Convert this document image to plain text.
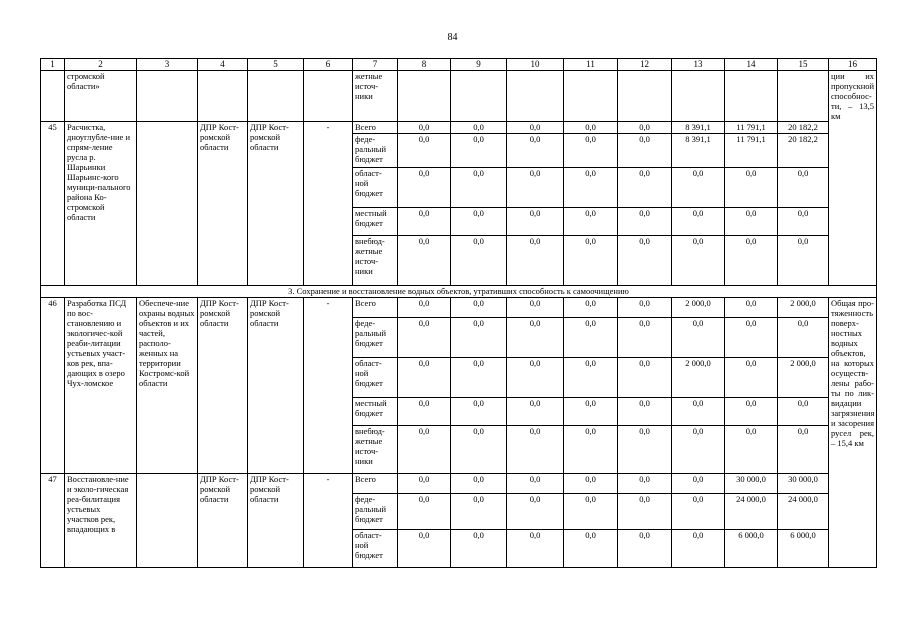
84
1	2	3	4	5	6	7	8	9	10	11	12	13	14	15	16
	стромской области»					жетные источ-ники									ции их пропускной способнос-ти, – 13,5 км
45	Расчистка, дноуглубле-ние и спрям-ление русла р. Шарьинки Шарьинс-кого муници-пального района Ко-стромской области		ДПР Кост-ромской области	ДПР Кост-ромской области	-	Всего	0,0	0,0	0,0	0,0	0,0	8 391,1	11 791,1	20 182,2	
						феде-ральный бюджет	0,0	0,0	0,0	0,0	0,0	8 391,1	11 791,1	20 182,2	
						област-ной бюджет	0,0	0,0	0,0	0,0	0,0	0,0	0,0	0,0	
						местный бюджет	0,0	0,0	0,0	0,0	0,0	0,0	0,0	0,0	
						внебюд-жетные источ-ники	0,0	0,0	0,0	0,0	0,0	0,0	0,0	0,0	
3. Сохранение и восстановление водных объектов, утративших способность к самоочищению															
46	Разработка ПСД по вос-становлению и экологичес-кой реаби-литации устьевых участ-ков рек, впа-дающих в озеро Чух-ломское	Обеспече-ние охраны водных объектов и их частей, располо-женных на территории Костромс-кой области	ДПР Кост-ромской области	ДПР Кост-ромской области	-	Всего	0,0	0,0	0,0	0,0	0,0	2 000,0	0,0	2 000,0	Общая про-тяженность поверх-ностных водных объектов, на которых осуществ-лены рабо-ты по лик-видации загрязнения и засорения русел рек, – 15,4 км
						феде-ральный бюджет	0,0	0,0	0,0	0,0	0,0	0,0	0,0	0,0	
						област-ной бюджет	0,0	0,0	0,0	0,0	0,0	2 000,0	0,0	2 000,0	
						местный бюджет	0,0	0,0	0,0	0,0	0,0	0,0	0,0	0,0	
						внебюд-жетные источ-ники	0,0	0,0	0,0	0,0	0,0	0,0	0,0	0,0	
47	Восстановле-ние и эколо-гическая реа-билитация устьевых участков рек, впадающих в		ДПР Кост-ромской области	ДПР Кост-ромской области	-	Всего	0,0	0,0	0,0	0,0	0,0	0,0	30 000,0	30 000,0	
						феде-ральный бюджет	0,0	0,0	0,0	0,0	0,0	0,0	24 000,0	24 000,0	
						област-ной бюджет	0,0	0,0	0,0	0,0	0,0	0,0	6 000,0	6 000,0	
